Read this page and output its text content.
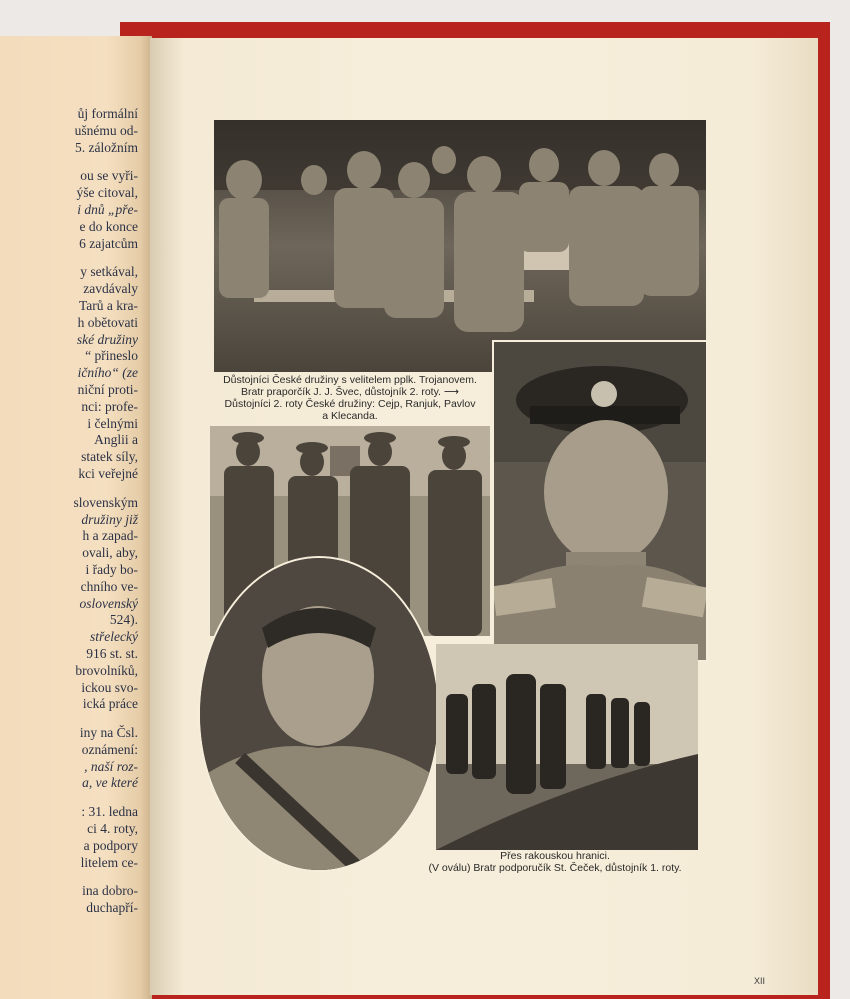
ůj formální
ušnému od-
5. záložním
ou se vyři-
ýše citoval,
i dnů „pře-
e do konce
6 zajatcům
y setkával,
zavdávaly
Tarů a kra-
h obětovati
ské družiny
“ přineslo
ičního“ (ze
niční proti-
nci: profe-
i čelnými
Anglii a
statek síly,
kci veřejné
slovenským
družiny již
h a zapad-
ovali, aby,
i řady bo-
chního ve-
oslovenský
524).
střelecký
916 st. st.
brovolníků,
ickou svo-
ická práce
iny na Čsl.
oznámení:
, naší roz-
a, ve které
: 31. ledna
ci 4. roty,
a podpory
litelem ce-
ina dobro-
duchapří-
Důstojníci České družiny s velitelem pplk. Trojanovem.
Bratr praporčík J. J. Švec, důstojník 2. roty. ⟶
Důstojníci 2. roty České družiny: Cejp, Ranjuk, Pavlov
a Klecanda.
Přes rakouskou hranici.
(V oválu) Bratr podporučík St. Čeček, důstojník 1. roty.
XII
